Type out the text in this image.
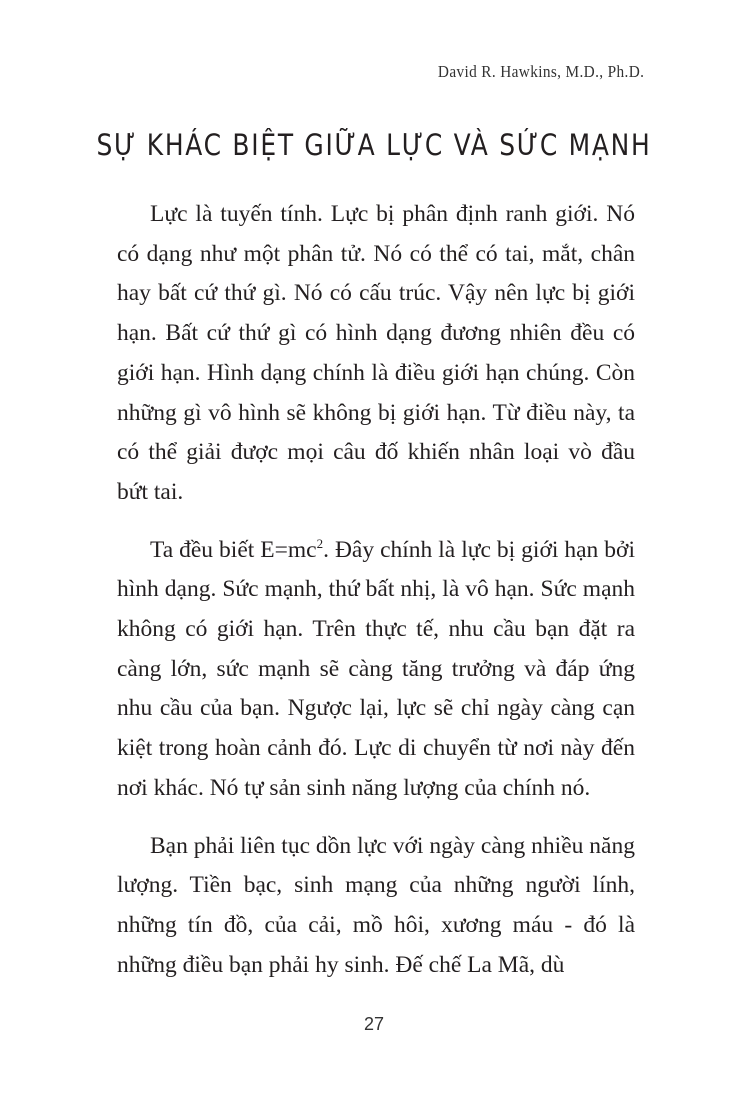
David R. Hawkins, M.D., Ph.D.
SỰ KHÁC BIỆT GIỮA LỰC VÀ SỨC MẠNH

Lực là tuyến tính. Lực bị phân định ranh giới. Nó có dạng như một phân tử. Nó có thể có tai, mắt, chân hay bất cứ thứ gì. Nó có cấu trúc. Vậy nên lực bị giới hạn. Bất cứ thứ gì có hình dạng đương nhiên đều có giới hạn. Hình dạng chính là điều giới hạn chúng. Còn những gì vô hình sẽ không bị giới hạn. Từ điều này, ta có thể giải được mọi câu đố khiến nhân loại vò đầu bứt tai.

Ta đều biết $E=mc^2$. Đây chính là lực bị giới hạn bởi hình dạng. Sức mạnh, thứ bất nhị, là vô hạn. Sức mạnh không có giới hạn. Trên thực tế, nhu cầu bạn đặt ra càng lớn, sức mạnh sẽ càng tăng trưởng và đáp ứng nhu cầu của bạn. Ngược lại, lực sẽ chỉ ngày càng cạn kiệt trong hoàn cảnh đó. Lực di chuyển từ nơi này đến nơi khác. Nó tự sản sinh năng lượng của chính nó.

Bạn phải liên tục dồn lực với ngày càng nhiều năng lượng. Tiền bạc, sinh mạng của những người lính, những tín đồ, của cải, mồ hôi, xương máu - đó là những điều bạn phải hy sinh. Đế chế La Mã, dù

27
